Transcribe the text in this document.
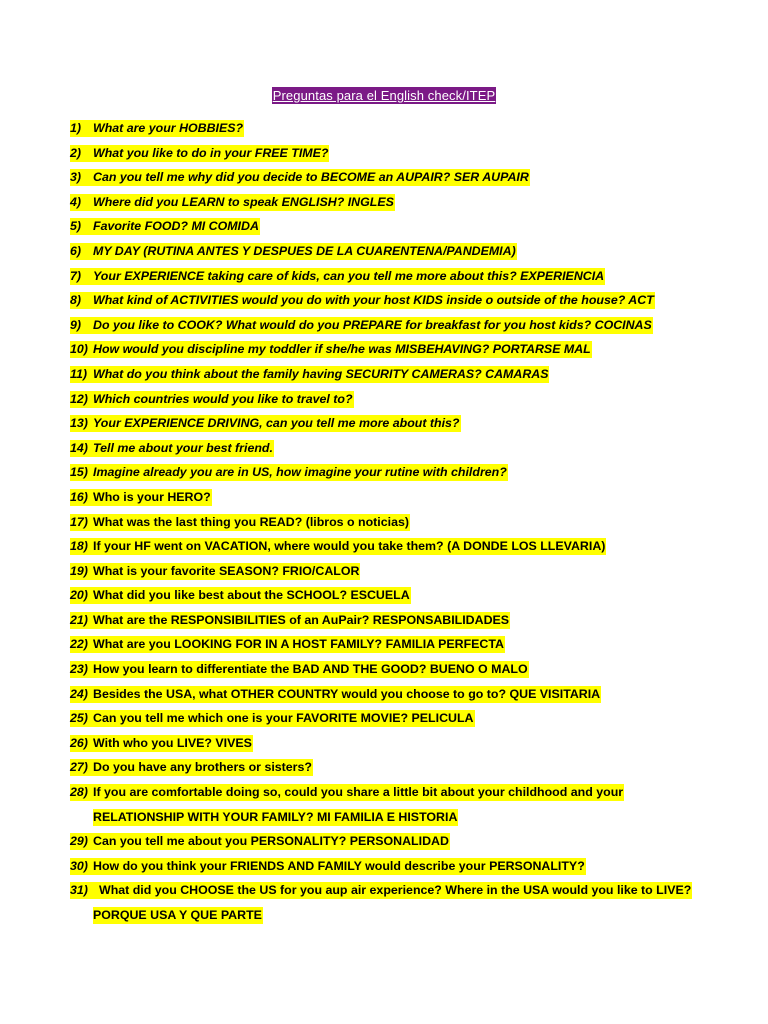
Preguntas para el English check/ITEP
1) What are your HOBBIES?
2) What you like to do in your FREE TIME?
3) Can you tell me why did you decide to BECOME an AUPAIR? SER AUPAIR
4) Where did you LEARN to speak ENGLISH? INGLES
5) Favorite FOOD? MI COMIDA
6) MY DAY (RUTINA ANTES Y DESPUES DE LA CUARENTENA/PANDEMIA)
7) Your EXPERIENCE taking care of kids, can you tell me more about this? EXPERIENCIA
8) What kind of ACTIVITIES would you do with your host KIDS inside o outside of the house? ACT
9) Do you like to COOK? What would do you PREPARE for breakfast for you host kids? COCINAS
10) How would you discipline my toddler if she/he was MISBEHAVING? PORTARSE MAL
11) What do you think about the family having SECURITY CAMERAS? CAMARAS
12) Which countries would you like to travel to?
13) Your EXPERIENCE DRIVING, can you tell me more about this?
14) Tell me about your best friend.
15) Imagine already you are in US, how imagine your rutine with children?
16) Who is your HERO?
17) What was the last thing you READ? (libros o noticias)
18) If your HF went on VACATION, where would you take them? (A DONDE LOS LLEVARIA)
19) What is your favorite SEASON? FRIO/CALOR
20) What did you like best about the SCHOOL? ESCUELA
21) What are the RESPONSIBILITIES of an AuPair? RESPONSABILIDADES
22) What are you LOOKING FOR IN A HOST FAMILY? FAMILIA PERFECTA
23) How you learn to differentiate the BAD AND THE GOOD? BUENO O MALO
24) Besides the USA, what OTHER COUNTRY would you choose to go to? QUE VISITARIA
25) Can you tell me which one is your FAVORITE MOVIE? PELICULA
26) With who you LIVE? VIVES
27) Do you have any brothers or sisters?
28) If you are comfortable doing so, could you share a little bit about your childhood and your
RELATIONSHIP WITH YOUR FAMILY? MI FAMILIA E HISTORIA
29) Can you tell me about you PERSONALITY? PERSONALIDAD
30) How do you think your FRIENDS AND FAMILY would describe your PERSONALITY?
31) What did you CHOOSE the US for you aup air experience? Where in the USA would you like to LIVE?
PORQUE USA Y QUE PARTE
